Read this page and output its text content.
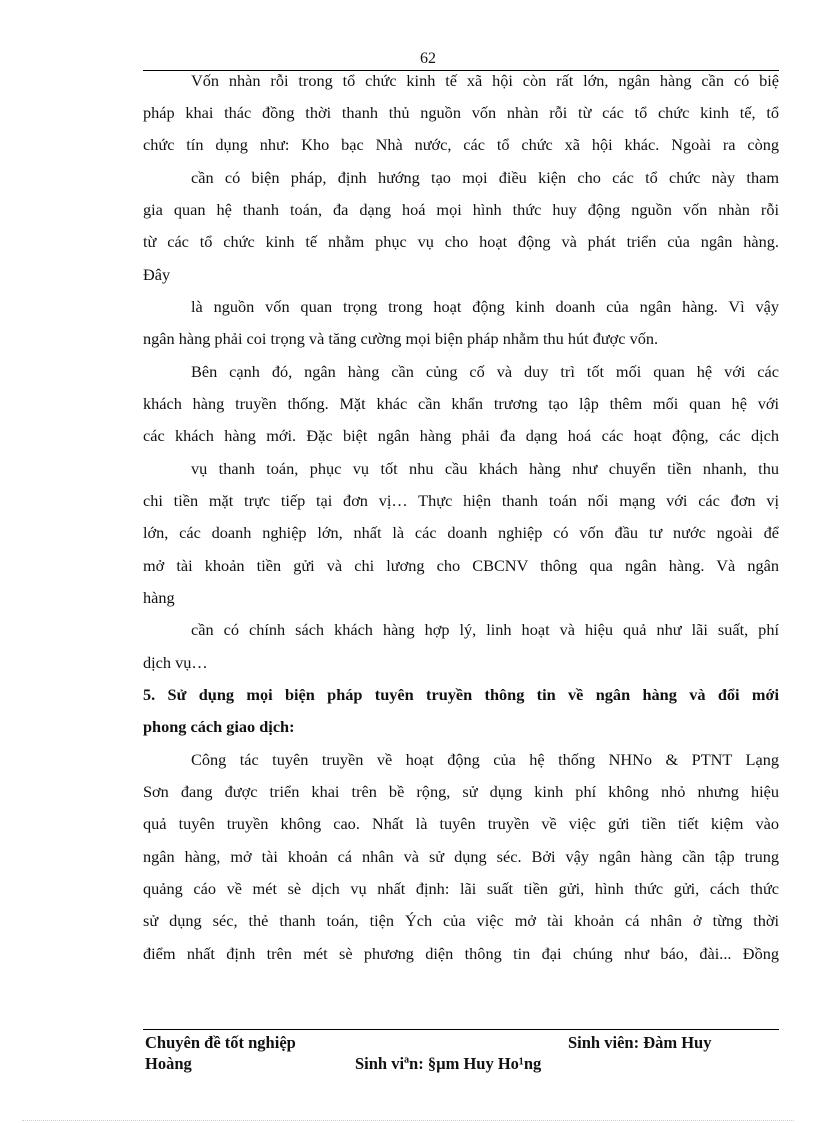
62
Vốn nhàn rỗi trong tổ chức kinh tế xã hội còn rất lớn, ngân hàng cần có biệ
pháp khai thác đồng thời thanh thủ nguồn vốn nhàn rỗi từ các tổ chức kinh tế, tổ
chức tín dụng như: Kho bạc Nhà nước, các tổ chức xã hội khác. Ngoài ra còng
cần có biện pháp, định hướng tạo mọi điều kiện cho các tổ chức này tham
gia quan hệ thanh toán, đa dạng hoá mọi hình thức huy động nguồn vốn nhàn rỗi
từ các tổ chức kinh tế nhằm phục vụ cho hoạt động và phát triển của ngân hàng.
Đây
là nguồn vốn quan trọng trong hoạt động kinh doanh của ngân hàng. Vì vậy
ngân hàng phải coi trọng và tăng cường mọi biện pháp nhằm thu hút được vốn.
Bên cạnh đó, ngân hàng cần củng cố và duy trì tốt mối quan hệ với các
khách hàng truyền thống. Mặt khác cần khẩn trương tạo lập thêm mối quan hệ với
các khách hàng mới. Đặc biệt ngân hàng phải đa dạng hoá các hoạt động, các dịch
vụ thanh toán, phục vụ tốt nhu cầu khách hàng như chuyển tiền nhanh, thu
chi tiền mặt trực tiếp tại đơn vị… Thực hiện thanh toán nối mạng với các đơn vị
lớn, các doanh nghiệp lớn, nhất là các doanh nghiệp có vốn đầu tư nước ngoài để
mở tài khoản tiền gửi và chi lương cho CBCNV thông qua ngân hàng. Và ngân
hàng
cần có chính sách khách hàng hợp lý, linh hoạt và hiệu quả như lãi suất, phí
dịch vụ…
5. Sử dụng mọi biện pháp tuyên truyền thông tin về ngân hàng và đổi mới
phong cách giao dịch:
Công tác tuyên truyền về hoạt động của hệ thống NHNo & PTNT Lạng
Sơn đang được triển khai trên bề rộng, sử dụng kinh phí không nhỏ nhưng hiệu
quả tuyên truyền không cao. Nhất là tuyên truyền về việc gửi tiền tiết kiệm vào
ngân hàng, mở tài khoản cá nhân và sử dụng séc. Bởi vậy ngân hàng cần tập trung
quảng cáo về mét sè dịch vụ nhất định: lãi suất tiền gửi, hình thức gửi, cách thức
sử dụng séc, thẻ thanh toán, tiện Ých của việc mở tài khoản cá nhân ở từng thời
điểm nhất định trên mét sè phương diện thông tin đại chúng như báo, đài... Đồng
Chuyên đề tốt nghiệp	Sinh viên: Đàm Huy
Hoàng	Sinh viªn: §µm Huy Ho¹ng
